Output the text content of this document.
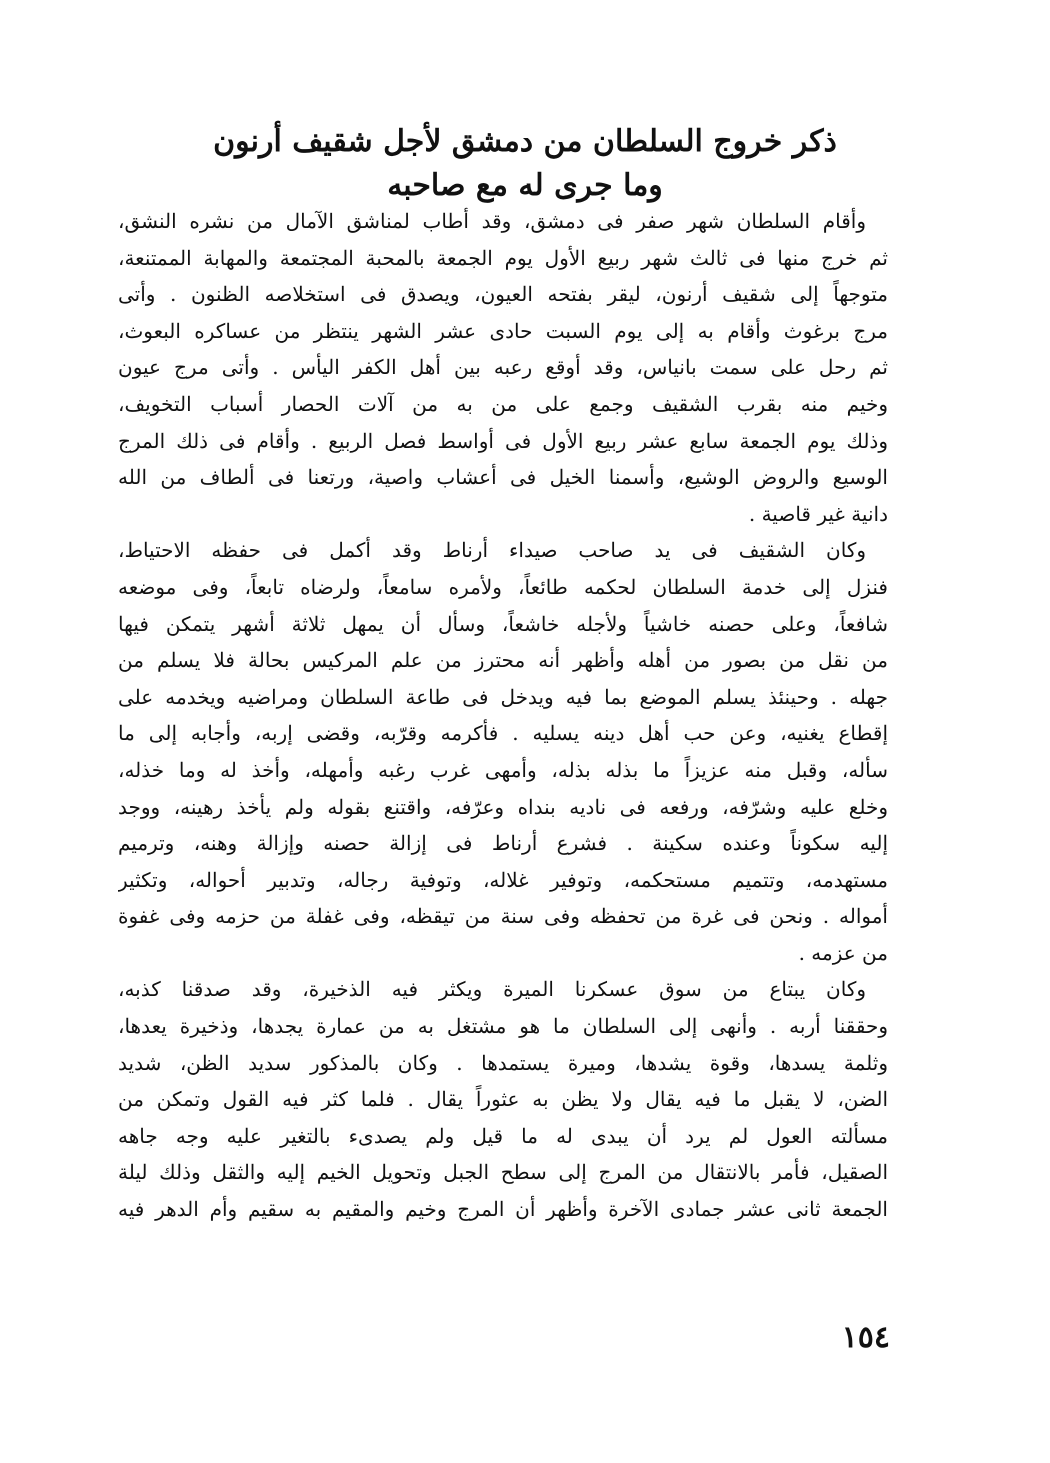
ذكر خروج السلطان من دمشق لأجل شقيف أرنون

وما جرى له مع صاحبه

وأقام السلطان شهر صفر فى دمشق، وقد أطاب لمناشق الآمال من نشره النشق،
ثم خرج منها فى ثالث شهر ربيع الأول يوم الجمعة بالمحبة المجتمعة والمهابة الممتنعة،
متوجهاً إلى شقيف أرنون، ليقر بفتحه العيون، ويصدق فى استخلاصه الظنون . وأتى
مرج برغوث وأقام به إلى يوم السبت حادى عشر الشهر ينتظر من عساكره البعوث،
ثم رحل على سمت بانياس، وقد أوقع رعبه بين أهل الكفر اليأس . وأتى مرج عيون
وخيم منه بقرب الشقيف وجمع على من به من آلات الحصار أسباب التخويف،
وذلك يوم الجمعة سابع عشر ربيع الأول فى أواسط فصل الربيع . وأقام فى ذلك المرج
الوسيع والروض الوشيع، وأسمنا الخيل فى أعشاب واصية، ورتعنا فى ألطاف من الله
دانية غير قاصية .
وكان الشقيف فى يد صاحب صيداء أرناط وقد أكمل فى حفظه الاحتياط،
فنزل إلى خدمة السلطان لحكمه طائعاً، ولأمره سامعاً، ولرضاه تابعاً، وفى موضعه
شافعاً، وعلى حصنه خاشياً ولأجله خاشعاً، وسأل أن يمهل ثلاثة أشهر يتمكن فيها
من نقل من بصور من أهله وأظهر أنه محترز من علم المركيس بحالة فلا يسلم من
جهله . وحينئذ يسلم الموضع بما فيه ويدخل فى طاعة السلطان ومراضيه ويخدمه على
إقطاع يغنيه، وعن حب أهل دينه يسليه . فأكرمه وقرّبه، وقضى إربه، وأجابه إلى ما
سأله، وقبل منه عزيزاً ما بذله بذله، وأمهى غرب رغبه وأمهله، وأخذ له وما خذله،
وخلع عليه وشرّفه، ورفعه فى ناديه بنداه وعرّفه، واقتنع بقوله ولم يأخذ رهينه، ووجد
إليه سكوناً وعنده سكينة . فشرع أرناط فى إزالة حصنه وإزالة وهنه، وترميم
مستهدمه، وتتميم مستحكمه، وتوفير غلاله، وتوفية رجاله، وتدبير أحواله، وتكثير
أمواله . ونحن فى غرة من تحفظه وفى سنة من تيقظه، وفى غفلة من حزمه وفى غفوة
من عزمه .
وكان يبتاع من سوق عسكرنا الميرة ويكثر فيه الذخيرة، وقد صدقنا كذبه،
وحققنا أربه . وأنهى إلى السلطان ما هو مشتغل به من عمارة يجدها، وذخيرة يعدها،
وثلمة يسدها، وقوة يشدها، وميرة يستمدها . وكان بالمذكور سديد الظن، شديد
الضن، لا يقبل ما فيه يقال ولا يظن به عثوراً يقال . فلما كثر فيه القول وتمكن من
مسألته العول لم يرد أن يبدى له ما قيل ولم يصدىء بالتغير عليه وجه جاهه
الصقيل، فأمر بالانتقال من المرج إلى سطح الجبل وتحويل الخيم إليه والثقل وذلك ليلة
الجمعة ثانى عشر جمادى الآخرة وأظهر أن المرج وخيم والمقيم به سقيم وأم الدهر فيه
١٥٤
